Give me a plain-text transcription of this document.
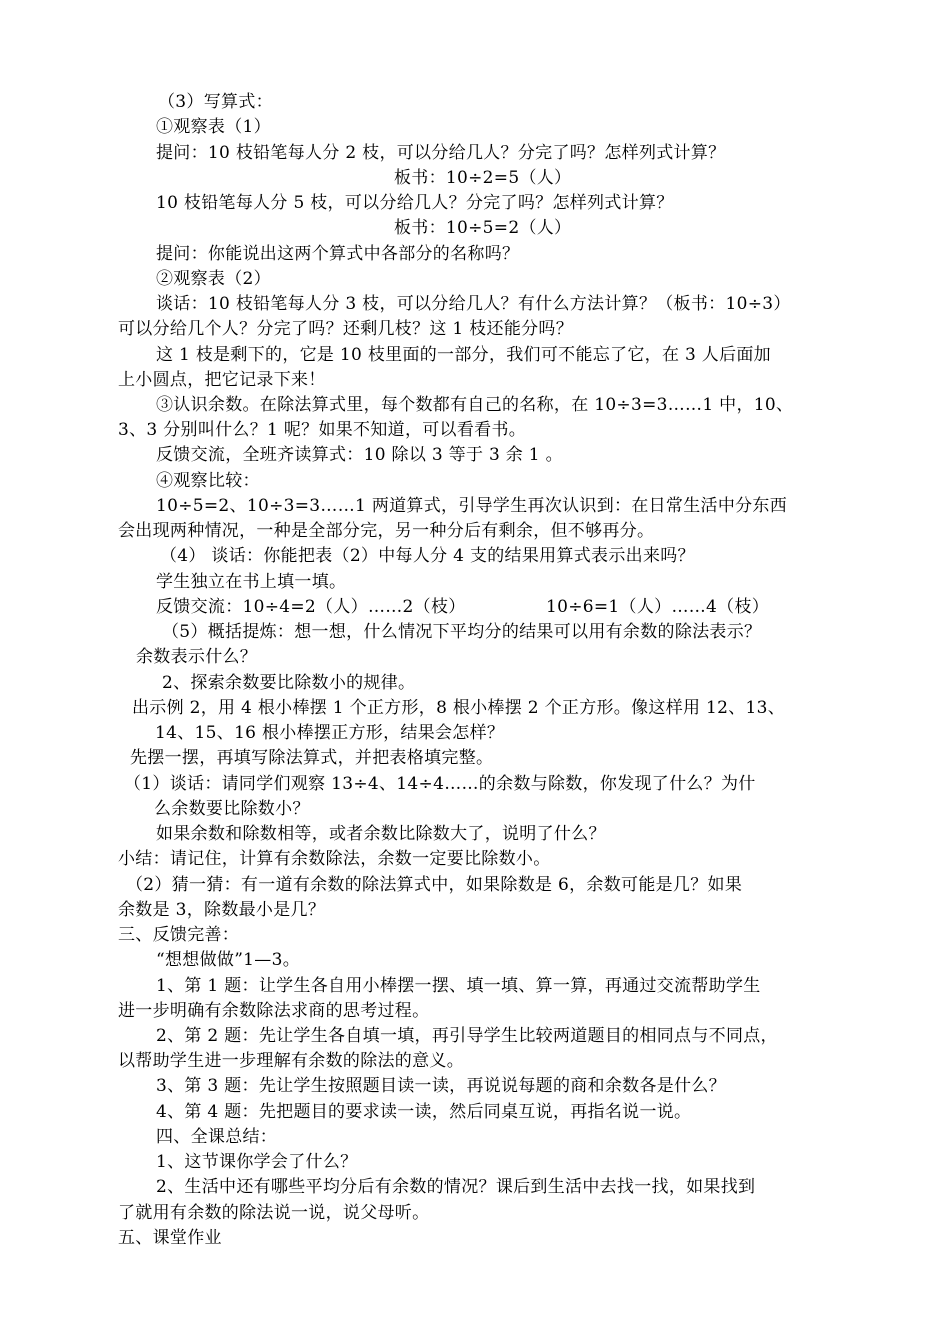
（3）写算式：
①观察表（1）
提问：10 枝铅笔每人分 2 枝，可以分给几人？分完了吗？怎样列式计算？
板书：10÷2=5（人）
10 枝铅笔每人分 5 枝，可以分给几人？分完了吗？怎样列式计算？
板书：10÷5=2（人）
提问：你能说出这两个算式中各部分的名称吗？
②观察表（2）
谈话：10 枝铅笔每人分 3 枝，可以分给几人？有什么方法计算？（板书：10÷3）
可以分给几个人？分完了吗？还剩几枝？这 1 枝还能分吗？
这 1 枝是剩下的，它是 10 枝里面的一部分，我们可不能忘了它，在 3 人后面加
上小圆点，把它记录下来！
③认识余数。在除法算式里，每个数都有自己的名称，在 10÷3=3……1 中，10、
3、3 分别叫什么？1 呢？如果不知道，可以看看书。
反馈交流，全班齐读算式：10 除以 3 等于 3 余 1 。
④观察比较：
10÷5=2、10÷3=3……1 两道算式，引导学生再次认识到：在日常生活中分东西
会出现两种情况，一种是全部分完，另一种分后有剩余，但不够再分。
（4） 谈话：你能把表（2）中每人分 4 支的结果用算式表示出来吗？
学生独立在书上填一填。
反馈交流：10÷4=2（人）……2（枝）	10÷6=1（人）……4（枝）
（5）概括提炼：想一想，什么情况下平均分的结果可以用有余数的除法表示？
余数表示什么？
2、探索余数要比除数小的规律。
出示例 2，用 4 根小棒摆 1 个正方形，8 根小棒摆 2 个正方形。像这样用 12、13、
14、15、16 根小棒摆正方形，结果会怎样？
先摆一摆，再填写除法算式，并把表格填完整。
（1）谈话：请同学们观察 13÷4、14÷4……的余数与除数，你发现了什么？为什
么余数要比除数小？
如果余数和除数相等，或者余数比除数大了，说明了什么？
小结：请记住，计算有余数除法，余数一定要比除数小。
（2）猜一猜：有一道有余数的除法算式中，如果除数是 6，余数可能是几？如果
余数是 3，除数最小是几？
三、反馈完善：
“想想做做”1—3。
1、第 1 题：让学生各自用小棒摆一摆、填一填、算一算，再通过交流帮助学生
进一步明确有余数除法求商的思考过程。
2、第 2 题：先让学生各自填一填，再引导学生比较两道题目的相同点与不同点，
以帮助学生进一步理解有余数的除法的意义。
3、第 3 题：先让学生按照题目读一读，再说说每题的商和余数各是什么？
4、第 4 题：先把题目的要求读一读，然后同桌互说，再指名说一说。
四、全课总结：
1、这节课你学会了什么？
2、生活中还有哪些平均分后有余数的情况？课后到生活中去找一找，如果找到
了就用有余数的除法说一说，说父母听。
五、课堂作业
